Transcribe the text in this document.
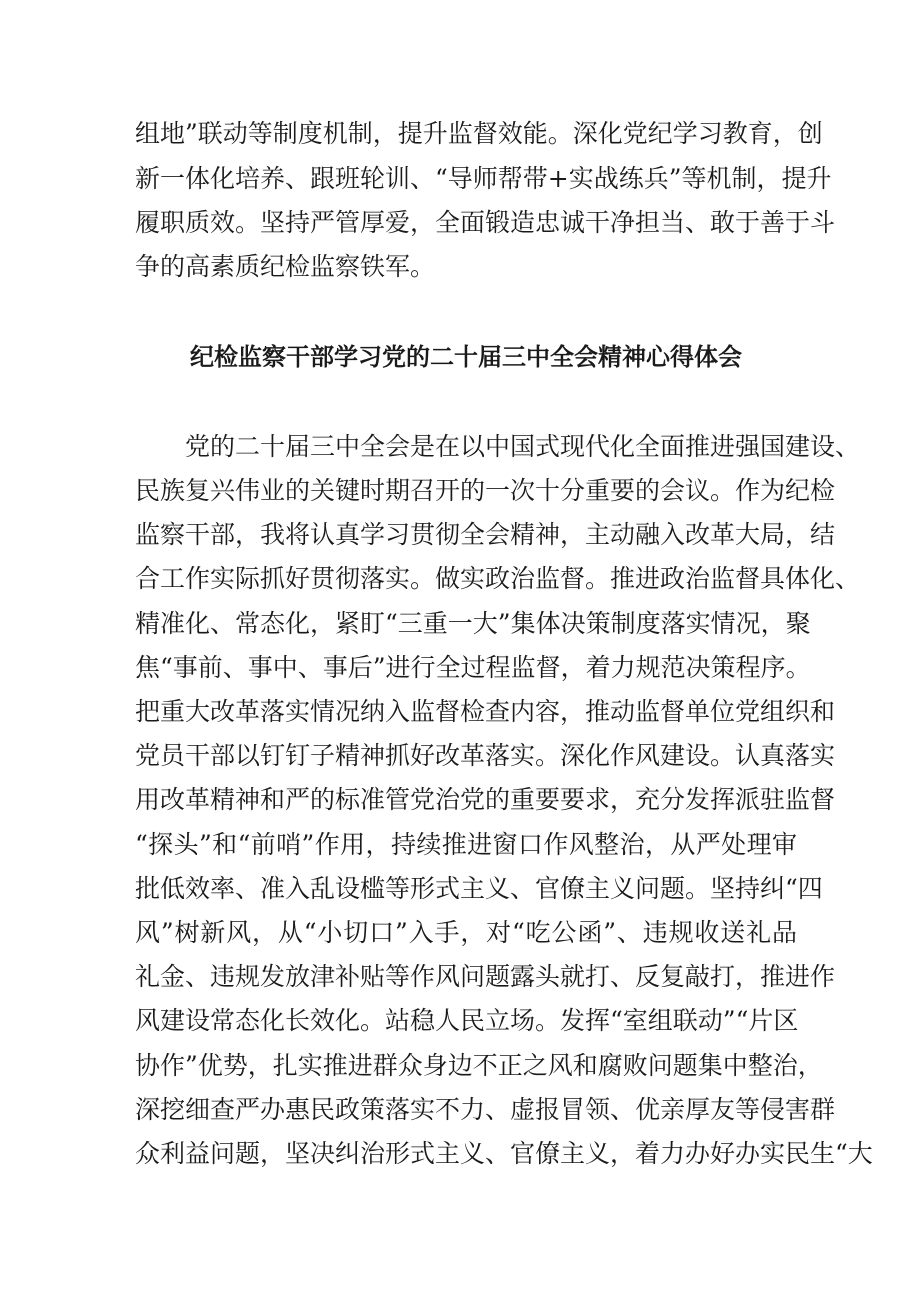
组地”联动等制度机制，提升监督效能。深化党纪学习教育，创
新一体化培养、跟班轮训、“导师帮带+实战练兵”等机制，提升
履职质效。坚持严管厚爱，全面锻造忠诚干净担当、敢于善于斗
争的高素质纪检监察铁军。
纪检监察干部学习党的二十届三中全会精神心得体会
党的二十届三中全会是在以中国式现代化全面推进强国建设、
民族复兴伟业的关键时期召开的一次十分重要的会议。作为纪检
监察干部，我将认真学习贯彻全会精神，主动融入改革大局，结
合工作实际抓好贯彻落实。做实政治监督。推进政治监督具体化、
精准化、常态化，紧盯“三重一大”集体决策制度落实情况，聚
焦“事前、事中、事后”进行全过程监督，着力规范决策程序。
把重大改革落实情况纳入监督检查内容，推动监督单位党组织和
党员干部以钉钉子精神抓好改革落实。深化作风建设。认真落实
用改革精神和严的标准管党治党的重要要求，充分发挥派驻监督
“探头”和“前哨”作用，持续推进窗口作风整治，从严处理审
批低效率、准入乱设槛等形式主义、官僚主义问题。坚持纠“四
风”树新风，从“小切口”入手，对“吃公函”、违规收送礼品
礼金、违规发放津补贴等作风问题露头就打、反复敲打，推进作
风建设常态化长效化。站稳人民立场。发挥“室组联动”“片区
协作”优势，扎实推进群众身边不正之风和腐败问题集中整治，
深挖细查严办惠民政策落实不力、虚报冒领、优亲厚友等侵害群
众利益问题，坚决纠治形式主义、官僚主义，着力办好办实民生“大
